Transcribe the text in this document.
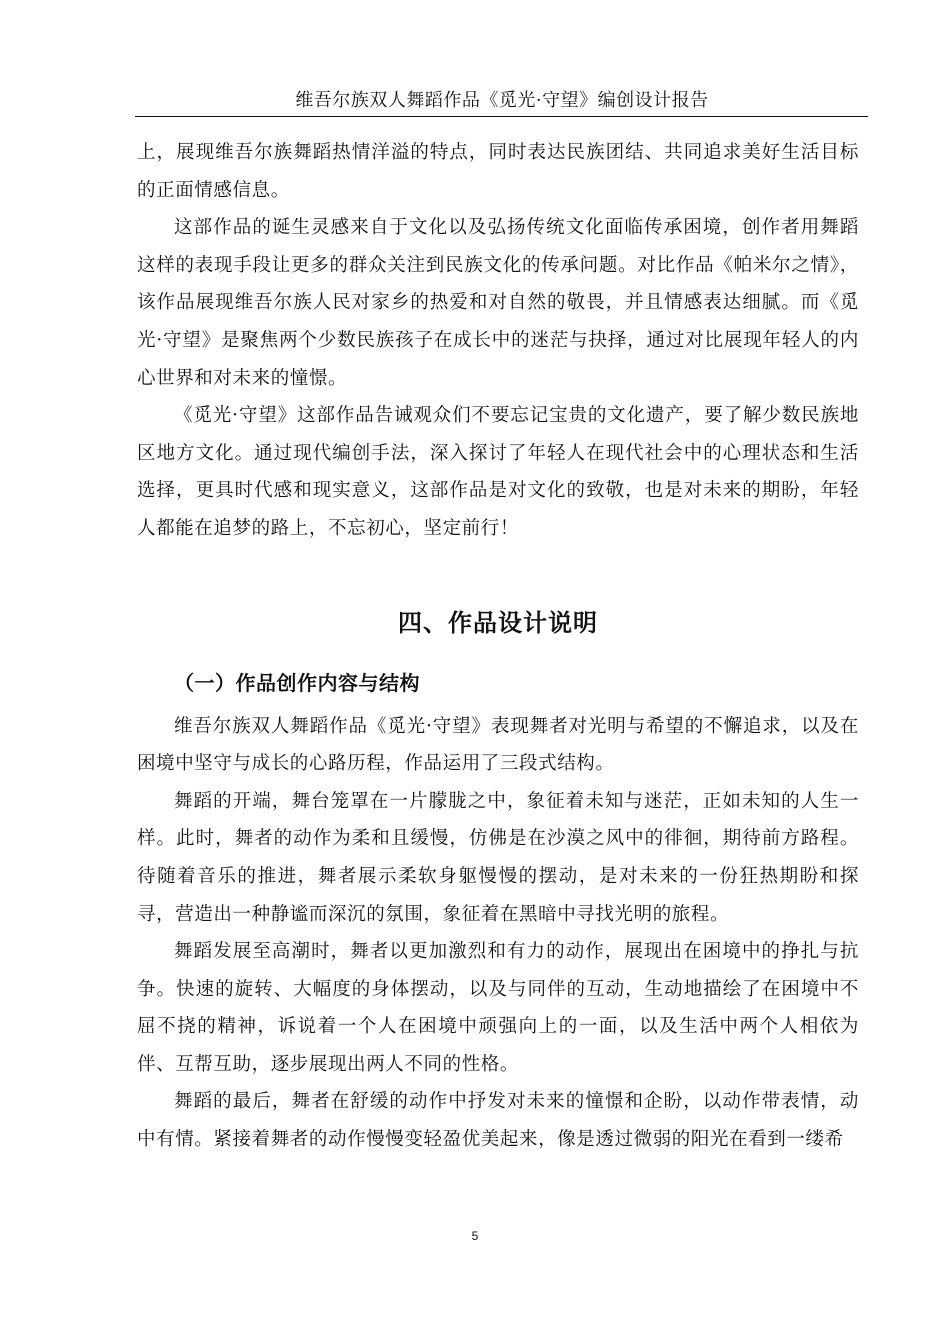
维吾尔族双人舞蹈作品《觅光·守望》编创设计报告

上，展现维吾尔族舞蹈热情洋溢的特点，同时表达民族团结、共同追求美好生活目标的正面情感信息。

这部作品的诞生灵感来自于文化以及弘扬传统文化面临传承困境，创作者用舞蹈这样的表现手段让更多的群众关注到民族文化的传承问题。对比作品《帕米尔之情》，该作品展现维吾尔族人民对家乡的热爱和对自然的敬畏，并且情感表达细腻。而《觅光·守望》是聚焦两个少数民族孩子在成长中的迷茫与抉择，通过对比展现年轻人的内心世界和对未来的憧憬。

《觅光·守望》这部作品告诫观众们不要忘记宝贵的文化遗产，要了解少数民族地区地方文化。通过现代编创手法，深入探讨了年轻人在现代社会中的心理状态和生活选择，更具时代感和现实意义，这部作品是对文化的致敬，也是对未来的期盼，年轻人都能在追梦的路上，不忘初心，坚定前行！

四、作品设计说明
（一）作品创作内容与结构

维吾尔族双人舞蹈作品《觅光·守望》表现舞者对光明与希望的不懈追求，以及在困境中坚守与成长的心路历程，作品运用了三段式结构。

舞蹈的开端，舞台笼罩在一片朦胧之中，象征着未知与迷茫，正如未知的人生一样。此时，舞者的动作为柔和且缓慢，仿佛是在沙漠之风中的徘徊，期待前方路程。待随着音乐的推进，舞者展示柔软身躯慢慢的摆动，是对未来的一份狂热期盼和探寻，营造出一种静谧而深沉的氛围，象征着在黑暗中寻找光明的旅程。

舞蹈发展至高潮时，舞者以更加激烈和有力的动作，展现出在困境中的挣扎与抗争。快速的旋转、大幅度的身体摆动，以及与同伴的互动，生动地描绘了在困境中不屈不挠的精神，诉说着一个人在困境中顽强向上的一面，以及生活中两个人相依为伴、互帮互助，逐步展现出两人不同的性格。

舞蹈的最后，舞者在舒缓的动作中抒发对未来的憧憬和企盼，以动作带表情，动中有情。紧接着舞者的动作慢慢变轻盈优美起来，像是透过微弱的阳光在看到一缕希

5
